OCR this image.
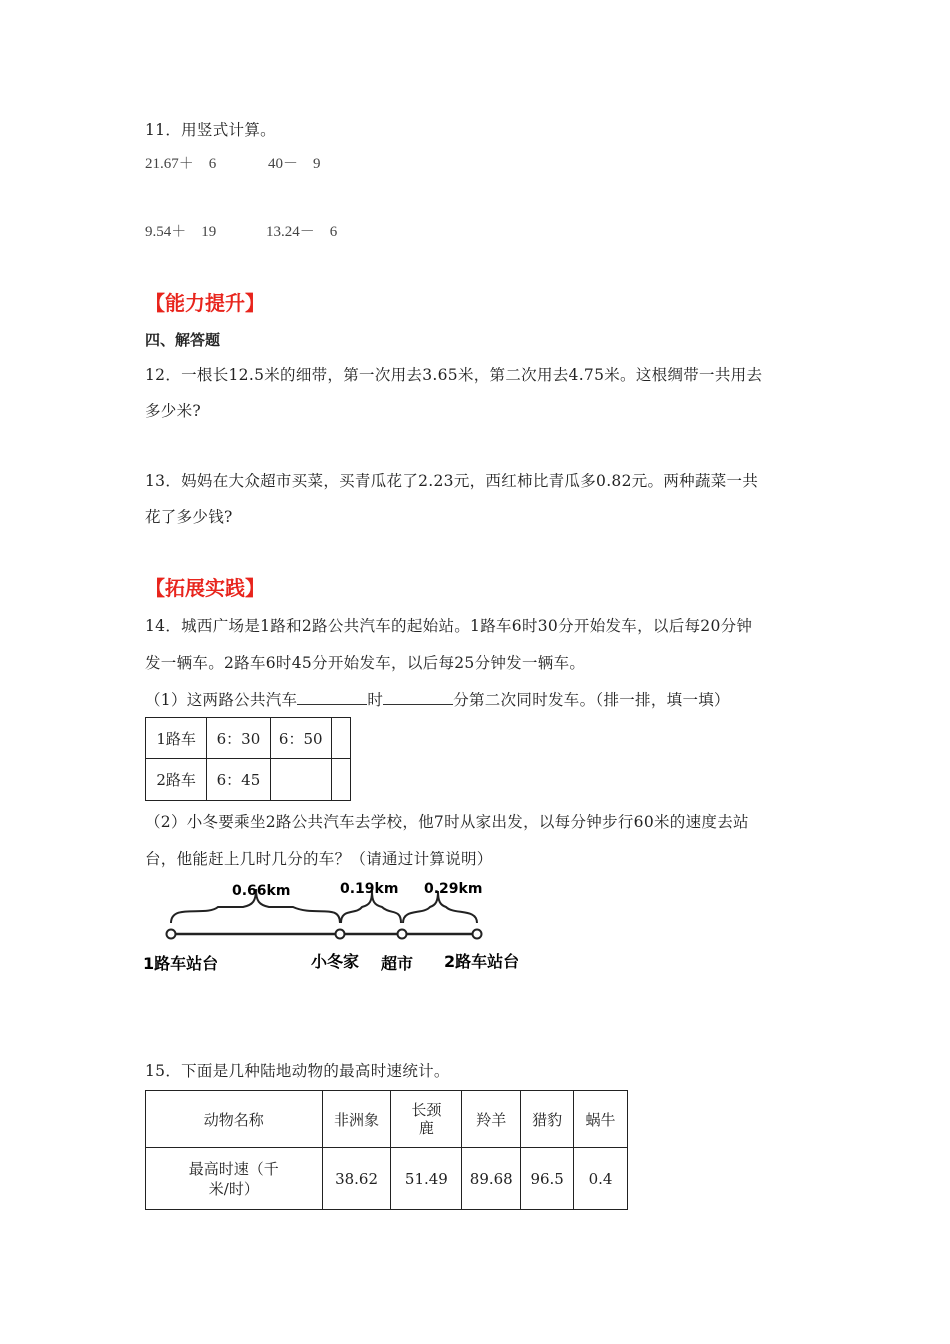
11．用竖式计算。
21.67＋　6	40－　9
9.54＋　19	13.24－　6
【能力提升】
四、解答题
12．一根长12.5米的细带，第一次用去3.65米，第二次用去4.75米。这根绸带一共用去
多少米?
13．妈妈在大众超市买菜，买青瓜花了2.23元，西红柿比青瓜多0.82元。两种蔬菜一共
花了多少钱?
【拓展实践】
14．城西广场是1路和2路公共汽车的起始站。1路车6时30分开始发车，以后每20分钟
发一辆车。2路车6时45分开始发车，以后每25分钟发一辆车。
（1）这两路公共汽车	时	分第二次同时发车。（排一排，填一填）
1路车	6：30	6：50	
2路车	6：45		
（2）小冬要乘坐2路公共汽车去学校，他7时从家出发，以每分钟步行60米的速度去站
台，他能赶上几时几分的车？（请通过计算说明）
0.66km	0.19km 0.29km
1路车站台	小冬家 超市 2路车站台
15．下面是几种陆地动物的最高时速统计。
动物名称	非洲象	长颈鹿	羚羊	猎豹	蜗牛

最高时速（千米/时）	38.62	51.49	89.68	96.5	0.4
